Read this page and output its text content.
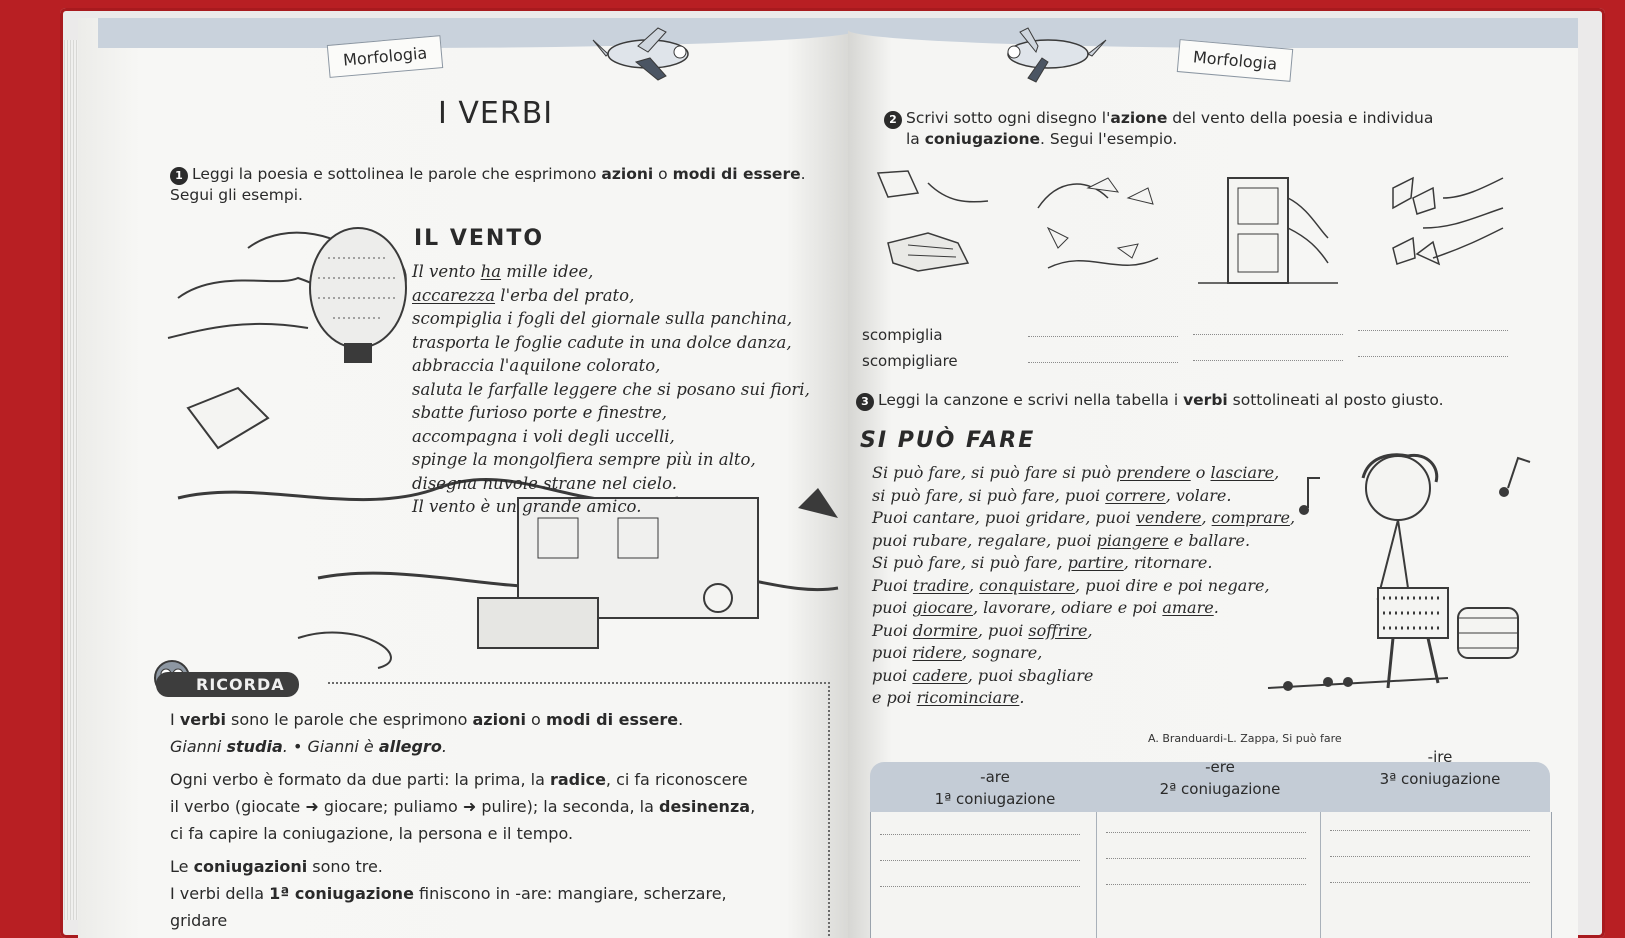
Morfologia
I VERBI
1 Leggi la poesia e sottolinea le parole che esprimono azioni o modi di essere.
Segui gli esempi.
IL VENTO
Il vento ha mille idee,
accarezza l'erba del prato,
scompiglia i fogli del giornale sulla panchina,
trasporta le foglie cadute in una dolce danza,
abbraccia l'aquilone colorato,
saluta le farfalle leggere che si posano sui fiori,
sbatte furioso porte e finestre,
accompagna i voli degli uccelli,
spinge la mongolfiera sempre più in alto,
disegna nuvole strane nel cielo.
Il vento è un grande amico.
RICORDA
I verbi sono le parole che esprimono azioni o modi di essere.
Gianni studia. • Gianni è allegro.
Ogni verbo è formato da due parti: la prima, la radice, ci fa riconoscere
il verbo (giocate ➜ giocare; puliamo ➜ pulire); la seconda, la desinenza,
ci fa capire la coniugazione, la persona e il tempo.
Le coniugazioni sono tre.
I verbi della 1ª coniugazione finiscono in -are: mangiare, scherzare,
gridare
Morfologia
2 Scrivi sotto ogni disegno l'azione del vento della poesia e individua
la coniugazione. Segui l'esempio.
scompiglia
scompigliare
3 Leggi la canzone e scrivi nella tabella i verbi sottolineati al posto giusto.
SI PUÒ FARE
Si può fare, si può fare si può prendere o lasciare,
si può fare, si può fare, puoi correre, volare.
Puoi cantare, puoi gridare, puoi vendere, comprare,
puoi rubare, regalare, puoi piangere e ballare.
Si può fare, si può fare, partire, ritornare.
Puoi tradire, conquistare, puoi dire e poi negare,
puoi giocare, lavorare, odiare e poi amare.
Puoi dormire, puoi soffrire,
puoi ridere, sognare,
puoi cadere, puoi sbagliare
e poi ricominciare.
A. Branduardi-L. Zappa, Si può fare
-are
1ª coniugazione
-ere
2ª coniugazione
-ire
3ª coniugazione
